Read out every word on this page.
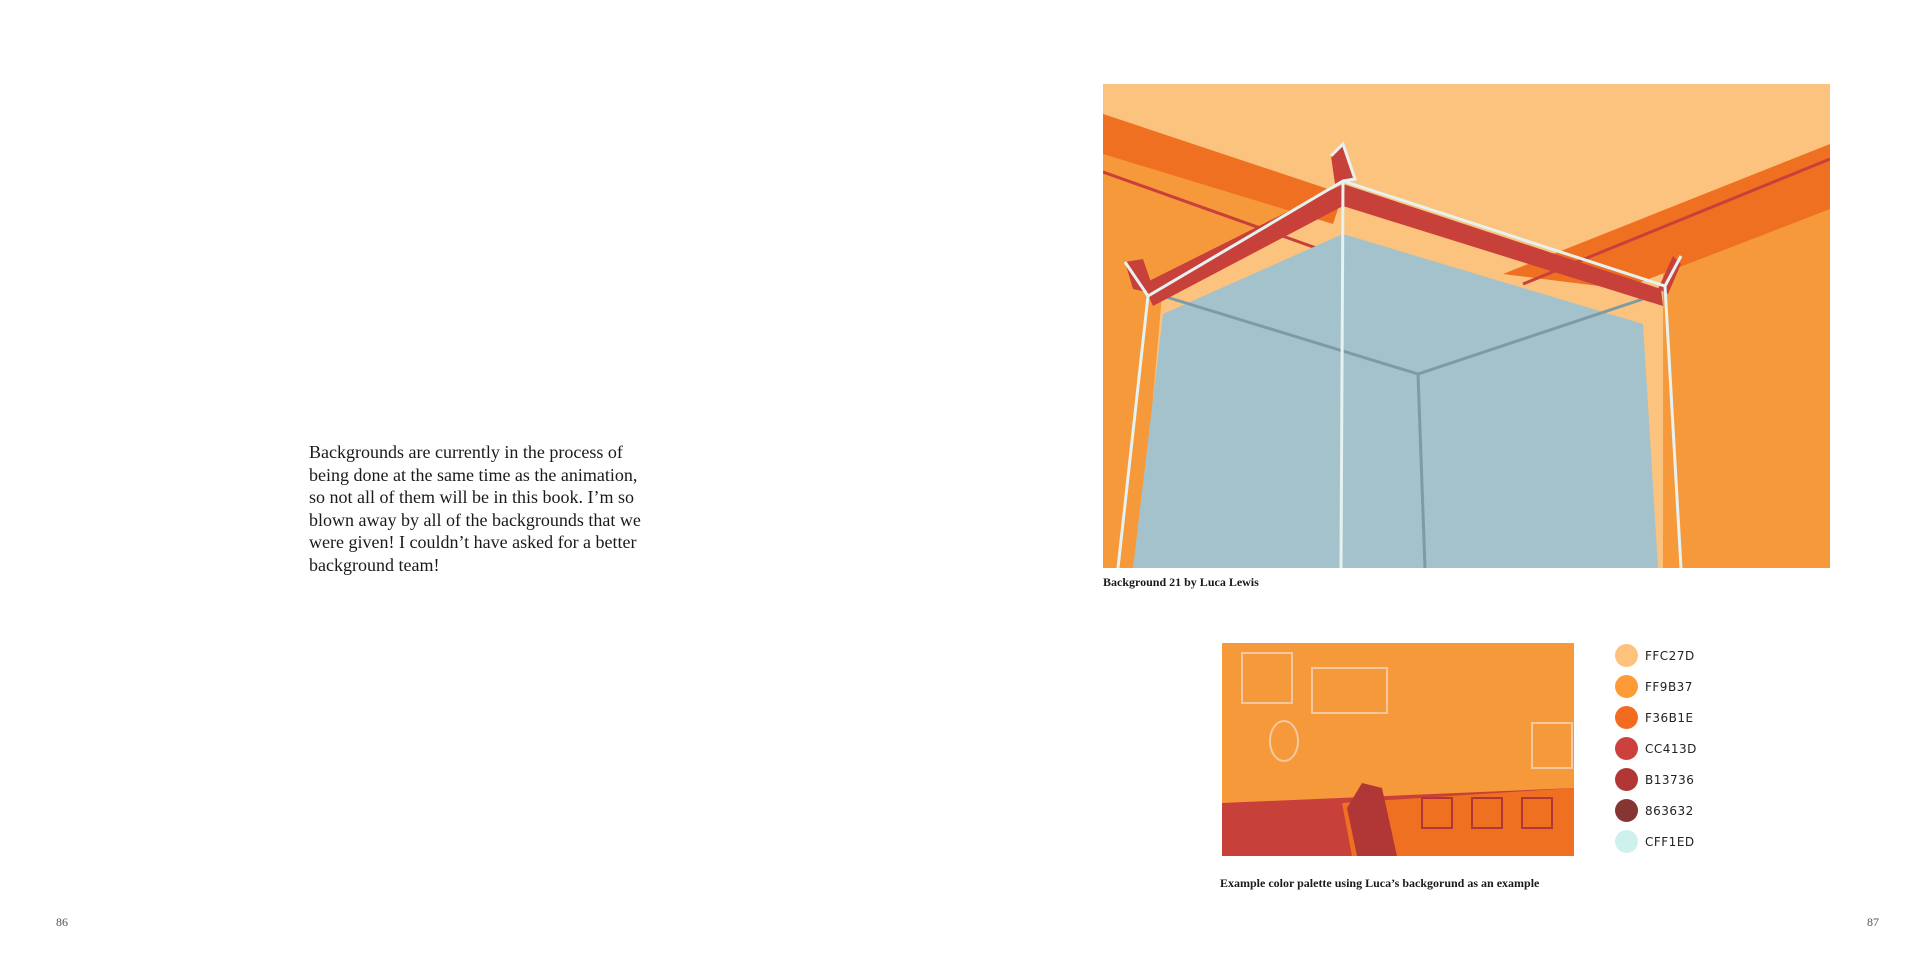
Backgrounds are currently in the process of being done at the same time as the animation, so not all of them will be in this book. I’m so blown away by all of the backgrounds that we were given! I couldn’t have asked for a better background team!

86
Background 21 by Luca Lewis
FFC27D
FF9B37
F36B1E
CC413D
B13736
863632
CFF1ED
Example color palette using Luca’s backgorund as an example
87
